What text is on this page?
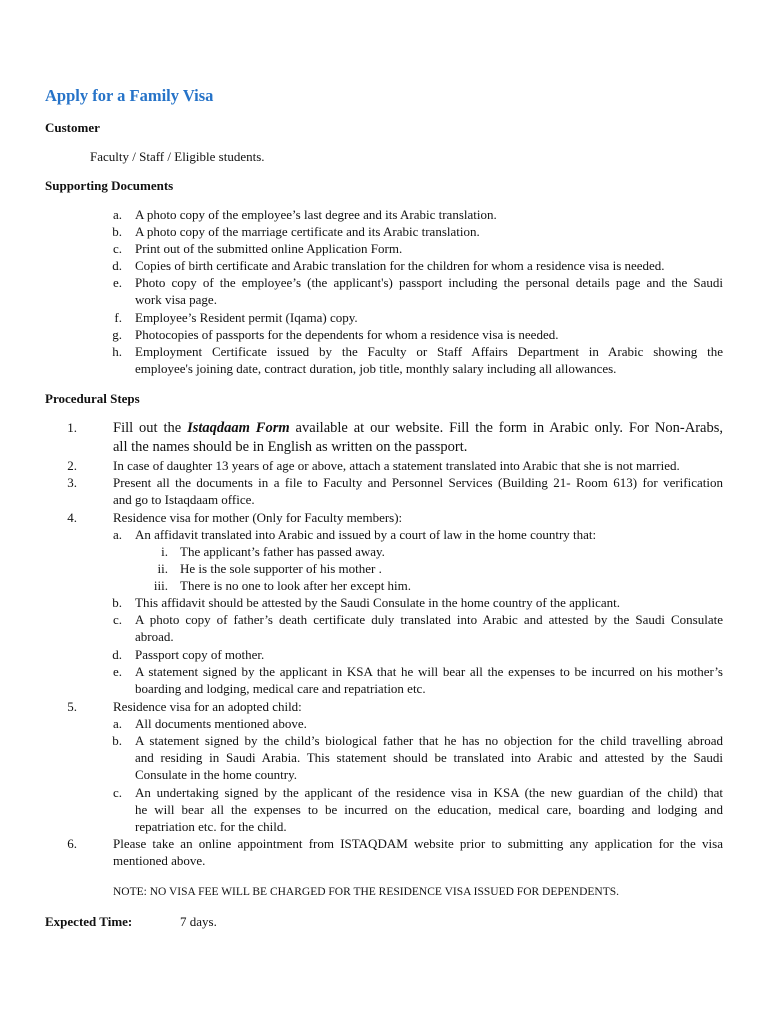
Apply for a Family Visa
Customer
Faculty / Staff / Eligible students.
Supporting Documents
a. A photo copy of the employee’s last degree and its Arabic translation.
b. A photo copy of the marriage certificate and its Arabic translation.
c. Print out of the submitted online Application Form.
d. Copies of birth certificate and Arabic translation for the children for whom a residence visa is needed.
e. Photo copy of the employee’s (the applicant's) passport including the personal details page and the Saudi
work visa page.
f. Employee’s Resident permit (Iqama) copy.
g. Photocopies of passports for the dependents for whom a residence visa is needed.
h. Employment Certificate issued by the Faculty or Staff Affairs Department in Arabic showing the
employee's joining date, contract duration, job title, monthly salary including all allowances.
Procedural Steps
1. Fill out the Istaqdaam Form available at our website. Fill the form in Arabic only. For Non-Arabs,
all the names should be in English as written on the passport.
2.	In case of daughter 13 years of age or above, attach a statement translated into Arabic that she is not married.
3.	Present all the documents in a file to Faculty and Personnel Services (Building 21- Room 613) for verification
and go to Istaqdaam office.
4.	Residence visa for mother (Only for Faculty members):
a. An affidavit translated into Arabic and issued by a court of law in the home country that:
i. The applicant’s father has passed away.
ii. He is the sole supporter of his mother .
iii. There is no one to look after her except him.
b. This affidavit should be attested by the Saudi Consulate in the home country of the applicant.
c. A photo copy of father’s death certificate duly translated into Arabic and attested by the Saudi Consulate
abroad.
d. Passport copy of mother.
e. A statement signed by the applicant in KSA that he will bear all the expenses to be incurred on his mother’s
boarding and lodging, medical care and repatriation etc.
5.	Residence visa for an adopted child:
a. All documents mentioned above.
b. A statement signed by the child’s biological father that he has no objection for the child travelling abroad
and residing in Saudi Arabia. This statement should be translated into Arabic and attested by the Saudi
Consulate in the home country.
c. An undertaking signed by the applicant of the residence visa in KSA (the new guardian of the child) that
he will bear all the expenses to be incurred on the education, medical care, boarding and lodging and
repatriation etc. for the child.
6.	Please take an online appointment from ISTAQDAM website prior to submitting any application for the visa
mentioned above.
NOTE: NO VISA FEE WILL BE CHARGED FOR THE RESIDENCE VISA ISSUED FOR DEPENDENTS.
Expected Time:	7 days.
